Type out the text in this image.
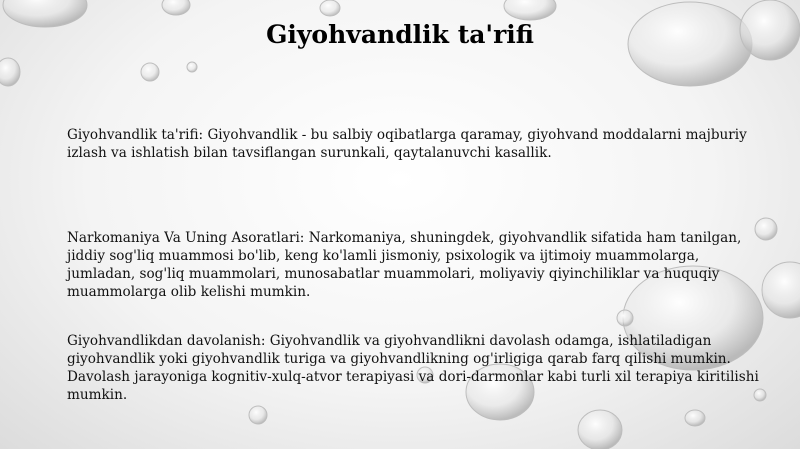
Giyohvandlik ta'rifi

Giyohvandlik ta'rifi: Giyohvandlik - bu salbiy oqibatlarga qaramay, giyohvand moddalarni majburiy izlash va ishlatish bilan tavsiflangan surunkali, qaytalanuvchi kasallik.

Narkomaniya Va Uning Asoratlari: Narkomaniya, shuningdek, giyohvandlik sifatida ham tanilgan, jiddiy sog'liq muammosi bo'lib, keng ko'lamli jismoniy, psixologik va ijtimoiy muammolarga, jumladan, sog'liq muammolari, munosabatlar muammolari, moliyaviy qiyinchiliklar va huquqiy muammolarga olib kelishi mumkin.

Giyohvandlikdan davolanish: Giyohvandlik va giyohvandlikni davolash odamga, ishlatiladigan giyohvandlik yoki giyohvandlik turiga va giyohvandlikning og'irligiga qarab farq qilishi mumkin. Davolash jarayoniga kognitiv-xulq-atvor terapiyasi va dori-darmonlar kabi turli xil terapiya kiritilishi mumkin.
